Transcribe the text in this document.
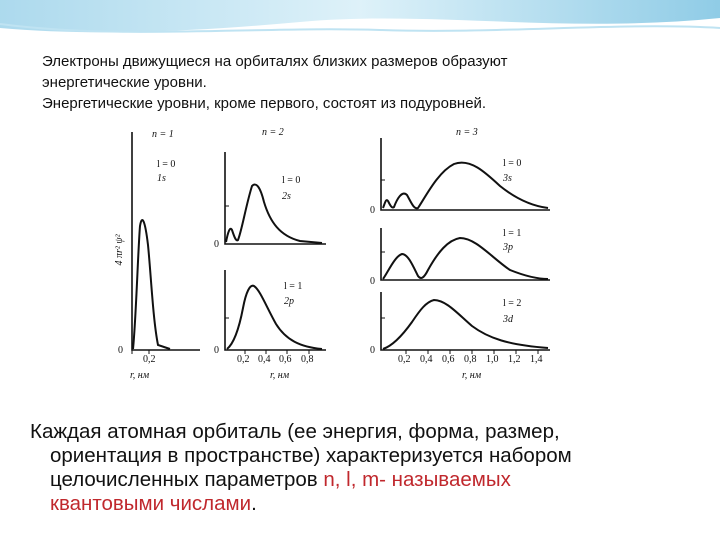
Электроны движущиеся на орбиталях близких размеров образуют
энергетические уровни.
Энергетические уровни, кроме первого, состоят из подуровней.
4 πr² ψ²
n = 1
l = 0
1s
0
0,2
r, нм
n = 2
l = 0
2s
0
l = 1
2p
0
0,2 0,4 0,6 0,8
r, нм
n = 3
l = 0
3s
0
l = 1
3p
0
l = 2
3d
0
0,2 0,4 0,6 0,8 1,0 1,2 1,4
r, нм
Каждая атомная орбиталь (ее энергия, форма, размер,
ориентация в пространстве) характеризуется набором
целочисленных параметров n, l, m- называемых
квантовыми числами.
